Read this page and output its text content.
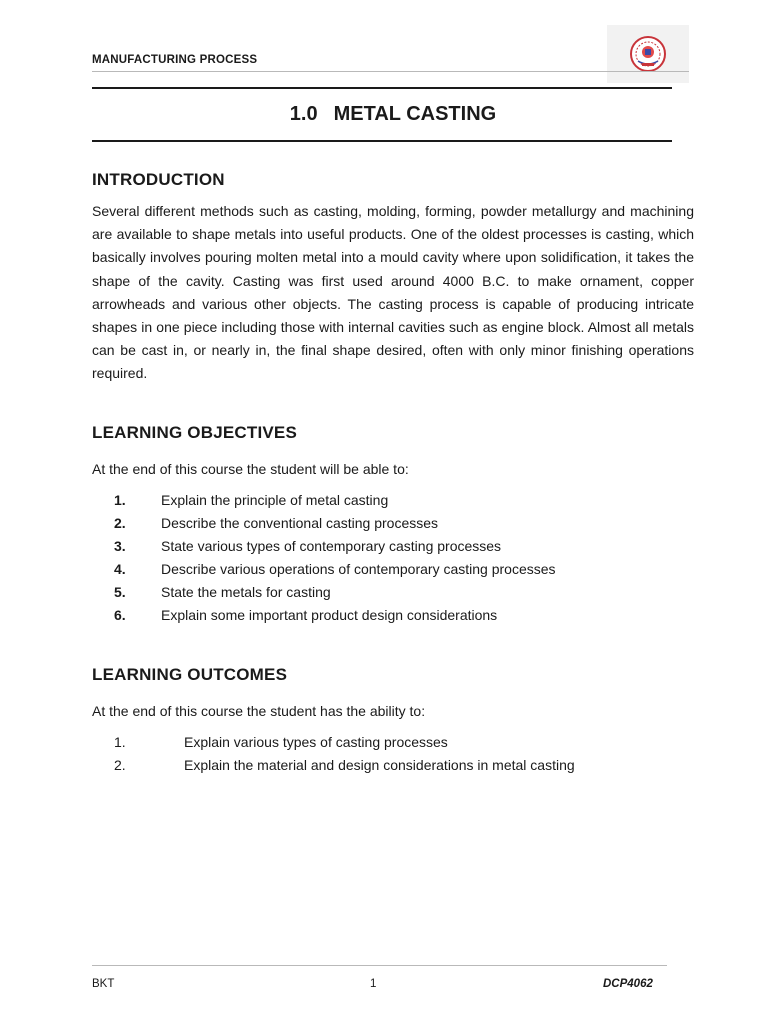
MANUFACTURING PROCESS
1.0 METAL CASTING
INTRODUCTION

Several different methods such as casting, molding, forming, powder metallurgy and machining are available to shape metals into useful products. One of the oldest processes is casting, which basically involves pouring molten metal into a mould cavity where upon solidification, it takes the shape of the cavity. Casting was first used around 4000 B.C. to make ornament, copper arrowheads and various other objects. The casting process is capable of producing intricate shapes in one piece including those with internal cavities such as engine block. Almost all metals can be cast in, or nearly in, the final shape desired, often with only minor finishing operations required.

LEARNING OBJECTIVES
At the end of this course the student will be able to:
1.	Explain the principle of metal casting
2.	Describe the conventional casting processes
3.	State various types of contemporary casting processes
4.	Describe various operations of contemporary casting processes
5.	State the metals for casting
6.	Explain some important product design considerations
LEARNING OUTCOMES
At the end of this course the student has the ability to:
1.	Explain various types of casting processes
2.	Explain the material and design considerations in metal casting
BKT	1	DCP4062
